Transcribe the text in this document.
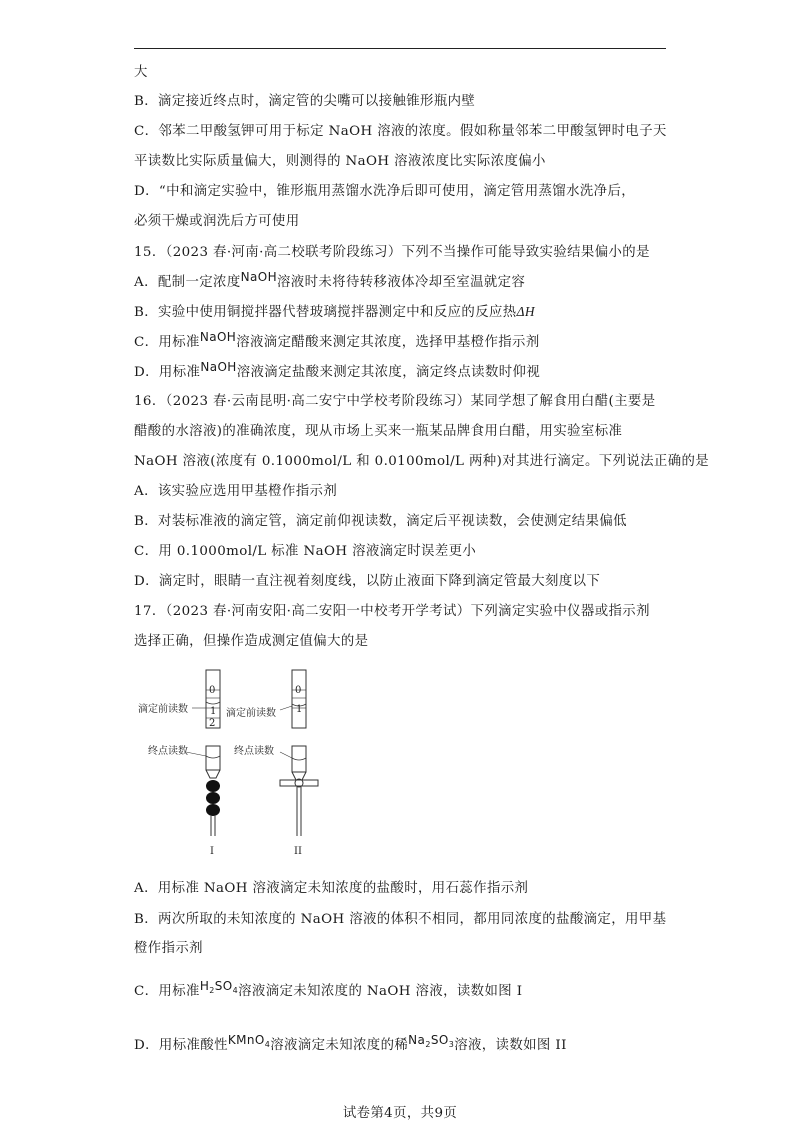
大
B．滴定接近终点时，滴定管的尖嘴可以接触锥形瓶内壁
C．邻苯二甲酸氢钾可用于标定 NaOH 溶液的浓度。假如称量邻苯二甲酸氢钾时电子天
平读数比实际质量偏大，则测得的 NaOH 溶液浓度比实际浓度偏小
D．“中和滴定实验中，锥形瓶用蒸馏水洗净后即可使用，滴定管用蒸馏水洗净后，
必须干燥或润洗后方可使用
15．（2023 春·河南·高二校联考阶段练习）下列不当操作可能导致实验结果偏小的是
A．配制一定浓度NaOH溶液时未将待转移液体冷却至室温就定容
B．实验中使用铜搅拌器代替玻璃搅拌器测定中和反应的反应热ΔH
C．用标准NaOH溶液滴定醋酸来测定其浓度，选择甲基橙作指示剂
D．用标准NaOH溶液滴定盐酸来测定其浓度，滴定终点读数时仰视
16．（2023 春·云南昆明·高二安宁中学校考阶段练习）某同学想了解食用白醋(主要是
醋酸的水溶液)的准确浓度，现从市场上买来一瓶某品牌食用白醋，用实验室标准
NaOH 溶液(浓度有 0.1000mol/L 和 0.0100mol/L 两种)对其进行滴定。下列说法正确的是
A．该实验应选用甲基橙作指示剂
B．对装标准液的滴定管，滴定前仰视读数，滴定后平视读数，会使测定结果偏低
C．用 0.1000mol/L 标准 NaOH 溶液滴定时误差更小
D．滴定时，眼睛一直注视着刻度线，以防止液面下降到滴定管最大刻度以下
17．（2023 春·河南安阳·高二安阳一中校考开学考试）下列滴定实验中仪器或指示剂
选择正确，但操作造成测定值偏大的是
0
1
2
I
滴定前读数
终点读数
0
1
II
滴定前读数
终点读数
A．用标准 NaOH 溶液滴定未知浓度的盐酸时，用石蕊作指示剂
B．两次所取的未知浓度的 NaOH 溶液的体积不相同，都用同浓度的盐酸滴定，用甲基
橙作指示剂
C．用标准$H_2SO_4$溶液滴定未知浓度的 NaOH 溶液，读数如图 I
D．用标准酸性KMnO$_4$溶液滴定未知浓度的稀$Na_2SO_3$溶液，读数如图 II
试卷第4页，共9页
